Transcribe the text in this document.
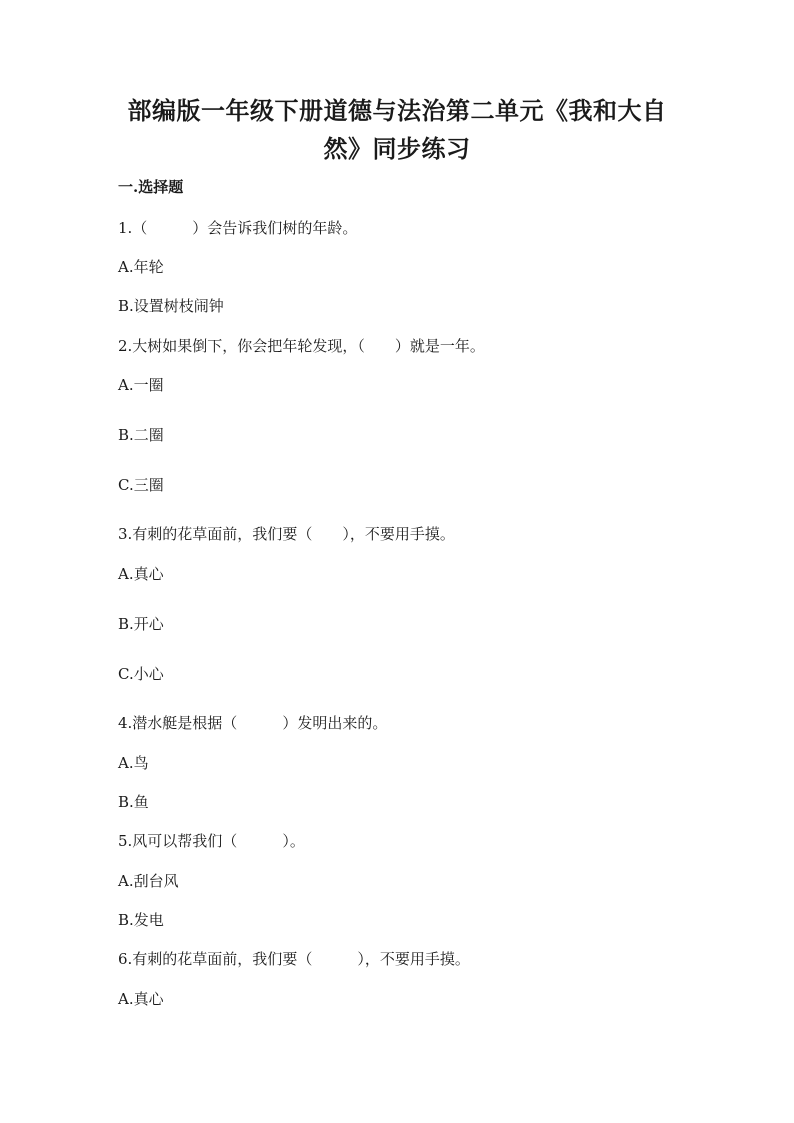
部编版一年级下册道德与法治第二单元《我和大自
然》同步练习

一.选择题

1.（　　　）会告诉我们树的年龄。

A.年轮

B.设置树枝闹钟

2.大树如果倒下，你会把年轮发现，（　　）就是一年。

A.一圈

B.二圈

C.三圈

3.有刺的花草面前，我们要（　　），不要用手摸。

A.真心

B.开心

C.小心

4.潜水艇是根据（　　　）发明出来的。

A.鸟

B.鱼

5.风可以帮我们（　　　）。

A.刮台风

B.发电

6.有刺的花草面前，我们要（　　　），不要用手摸。

A.真心
